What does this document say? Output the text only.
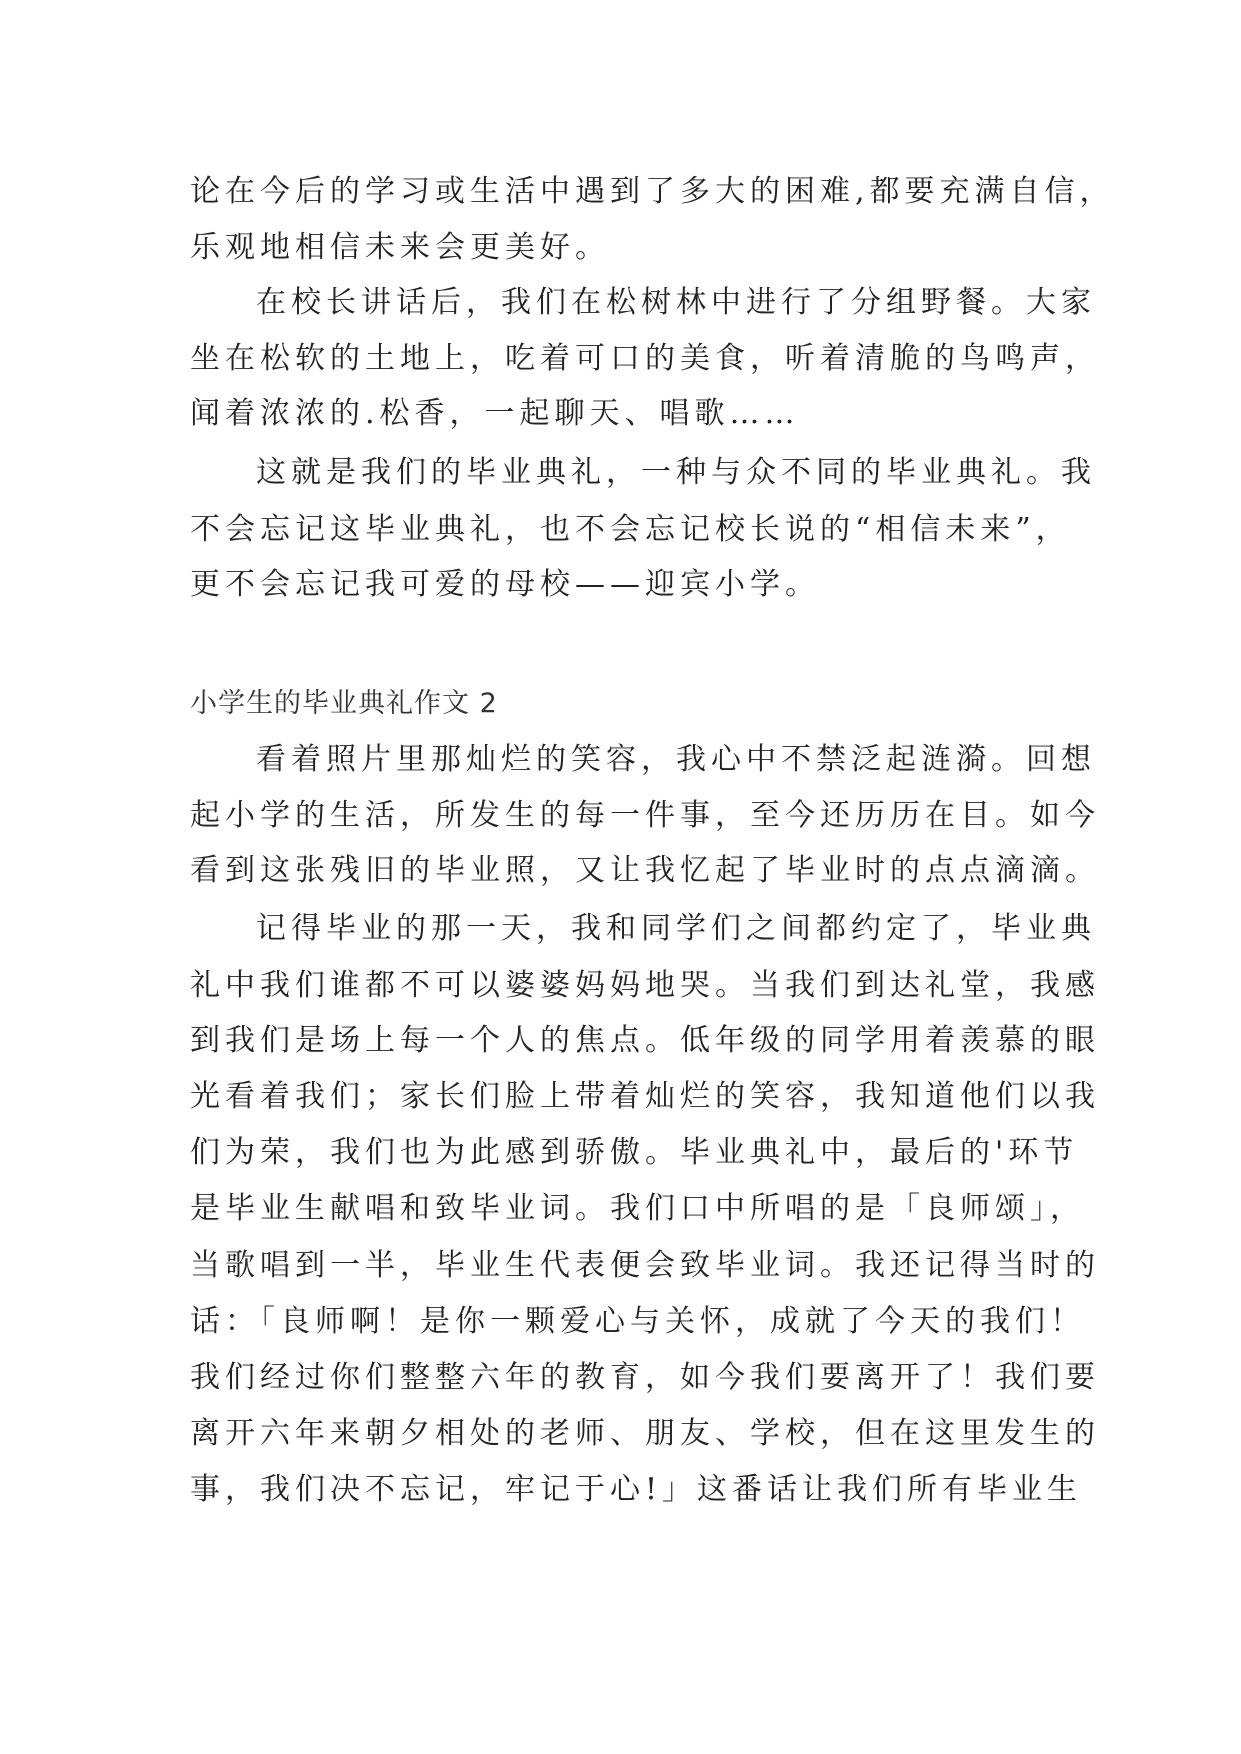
论在今后的学习或生活中遇到了多大的困难,都要充满自信，
乐观地相信未来会更美好。
在校长讲话后，我们在松树林中进行了分组野餐。大家
坐在松软的土地上，吃着可口的美食，听着清脆的鸟鸣声，
闻着浓浓的.松香，一起聊天、唱歌……
这就是我们的毕业典礼，一种与众不同的毕业典礼。我
不会忘记这毕业典礼，也不会忘记校长说的“相信未来”，
更不会忘记我可爱的母校——迎宾小学。
小学生的毕业典礼作文 2
看着照片里那灿烂的笑容，我心中不禁泛起涟漪。回想
起小学的生活，所发生的每一件事，至今还历历在目。如今
看到这张残旧的毕业照，又让我忆起了毕业时的点点滴滴。
记得毕业的那一天，我和同学们之间都约定了，毕业典
礼中我们谁都不可以婆婆妈妈地哭。当我们到达礼堂，我感
到我们是场上每一个人的焦点。低年级的同学用着羡慕的眼
光看着我们；家长们脸上带着灿烂的笑容，我知道他们以我
们为荣，我们也为此感到骄傲。毕业典礼中，最后的'环节
是毕业生献唱和致毕业词。我们口中所唱的是「良师颂」，
当歌唱到一半，毕业生代表便会致毕业词。我还记得当时的
话：「良师啊！是你一颗爱心与关怀，成就了今天的我们！
我们经过你们整整六年的教育，如今我们要离开了！我们要
离开六年来朝夕相处的老师、朋友、学校，但在这里发生的
事，我们决不忘记，牢记于心!」这番话让我们所有毕业生
